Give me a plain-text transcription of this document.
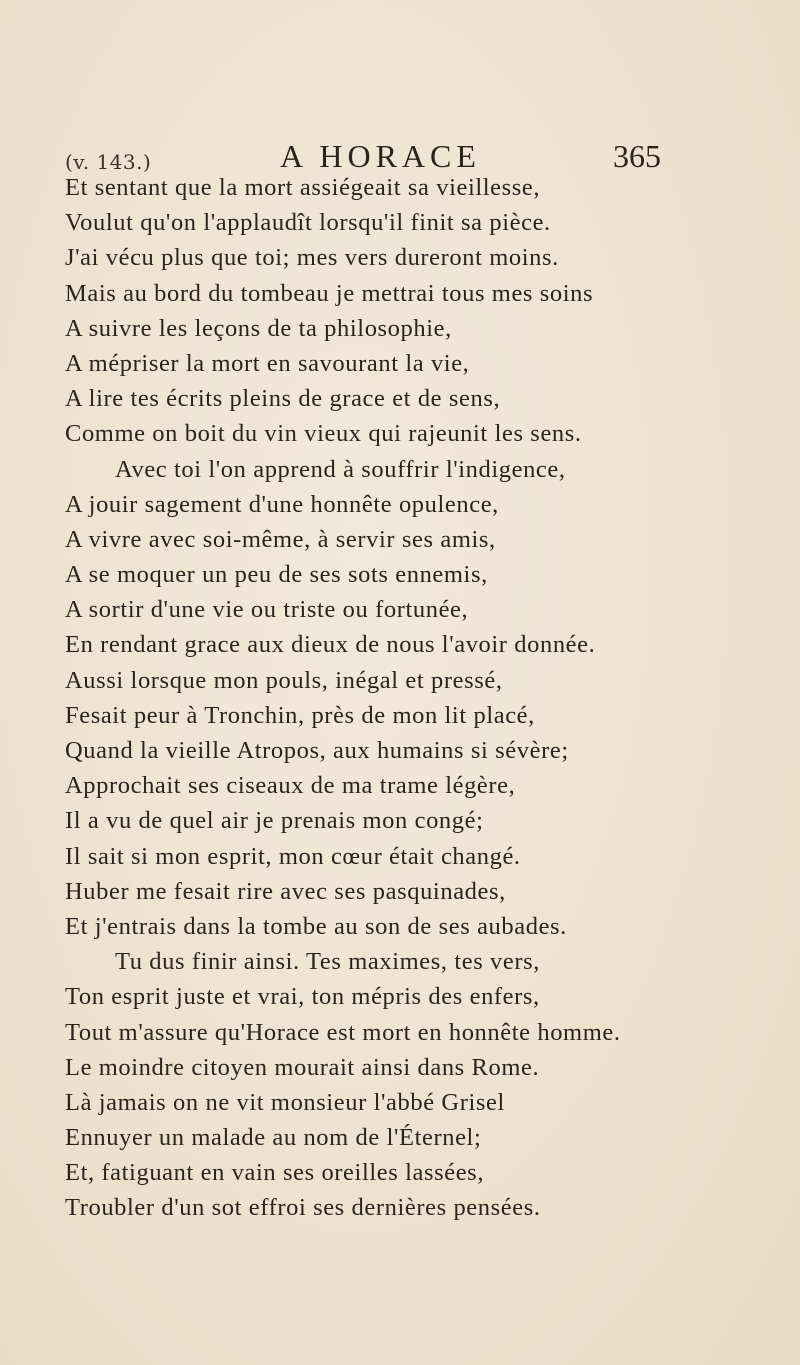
(v. 143.)	A HORACE	365
Et sentant que la mort assiégeait sa vieillesse,
Voulut qu'on l'applaudît lorsqu'il finit sa pièce.
J'ai vécu plus que toi; mes vers dureront moins.
Mais au bord du tombeau je mettrai tous mes soins
A suivre les leçons de ta philosophie,
A mépriser la mort en savourant la vie,
A lire tes écrits pleins de grace et de sens,
Comme on boit du vin vieux qui rajeunit les sens.
Avec toi l'on apprend à souffrir l'indigence,
A jouir sagement d'une honnête opulence,
A vivre avec soi-même, à servir ses amis,
A se moquer un peu de ses sots ennemis,
A sortir d'une vie ou triste ou fortunée,
En rendant grace aux dieux de nous l'avoir donnée.
Aussi lorsque mon pouls, inégal et pressé,
Fesait peur à Tronchin, près de mon lit placé,
Quand la vieille Atropos, aux humains si sévère;
Approchait ses ciseaux de ma trame légère,
Il a vu de quel air je prenais mon congé;
Il sait si mon esprit, mon cœur était changé.
Huber me fesait rire avec ses pasquinades,
Et j'entrais dans la tombe au son de ses aubades.
Tu dus finir ainsi. Tes maximes, tes vers,
Ton esprit juste et vrai, ton mépris des enfers,
Tout m'assure qu'Horace est mort en honnête homme.
Le moindre citoyen mourait ainsi dans Rome.
Là jamais on ne vit monsieur l'abbé Grisel
Ennuyer un malade au nom de l'Éternel;
Et, fatiguant en vain ses oreilles lassées,
Troubler d'un sot effroi ses dernières pensées.
